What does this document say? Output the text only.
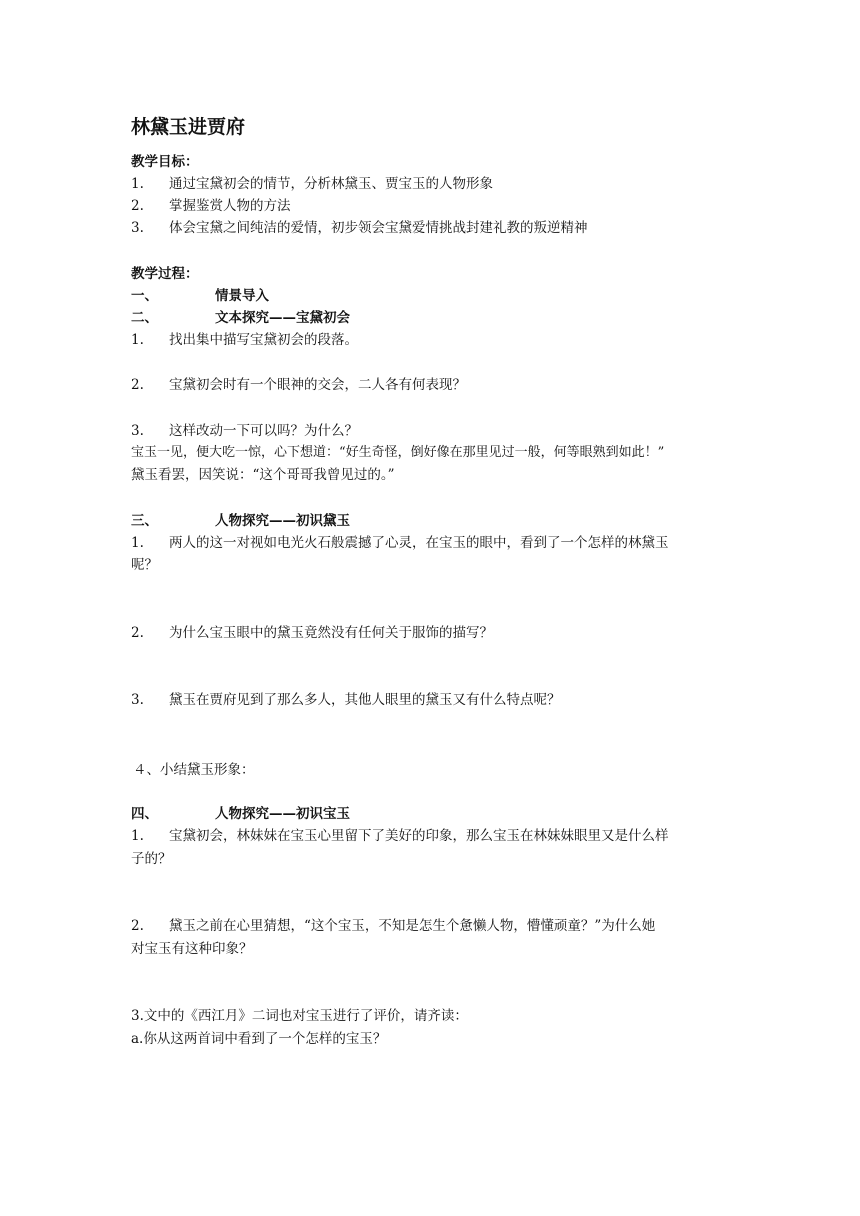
林黛玉进贾府
教学目标：
1. 通过宝黛初会的情节，分析林黛玉、贾宝玉的人物形象
2. 掌握鉴赏人物的方法
3. 体会宝黛之间纯洁的爱情，初步领会宝黛爱情挑战封建礼教的叛逆精神
教学过程：
一、	情景导入
二、	文本探究——宝黛初会
1. 找出集中描写宝黛初会的段落。
2. 宝黛初会时有一个眼神的交会，二人各有何表现？
3. 这样改动一下可以吗？为什么？
宝玉一见，便大吃一惊，心下想道：“好生奇怪，倒好像在那里见过一般，何等眼熟到如此！”
黛玉看罢，因笑说：“这个哥哥我曾见过的。”
三、	人物探究——初识黛玉
1. 两人的这一对视如电光火石般震撼了心灵，在宝玉的眼中，看到了一个怎样的林黛玉
呢？
2. 为什么宝玉眼中的黛玉竟然没有任何关于服饰的描写？
3. 黛玉在贾府见到了那么多人，其他人眼里的黛玉又有什么特点呢？
４、小结黛玉形象：
四、	人物探究——初识宝玉
1. 宝黛初会，林妹妹在宝玉心里留下了美好的印象，那么宝玉在林妹妹眼里又是什么样
子的？
2. 黛玉之前在心里猜想，“这个宝玉，不知是怎生个惫懒人物，懵懂顽童？”为什么她
对宝玉有这种印象？
3.文中的《西江月》二词也对宝玉进行了评价，请齐读：
a.你从这两首词中看到了一个怎样的宝玉？
